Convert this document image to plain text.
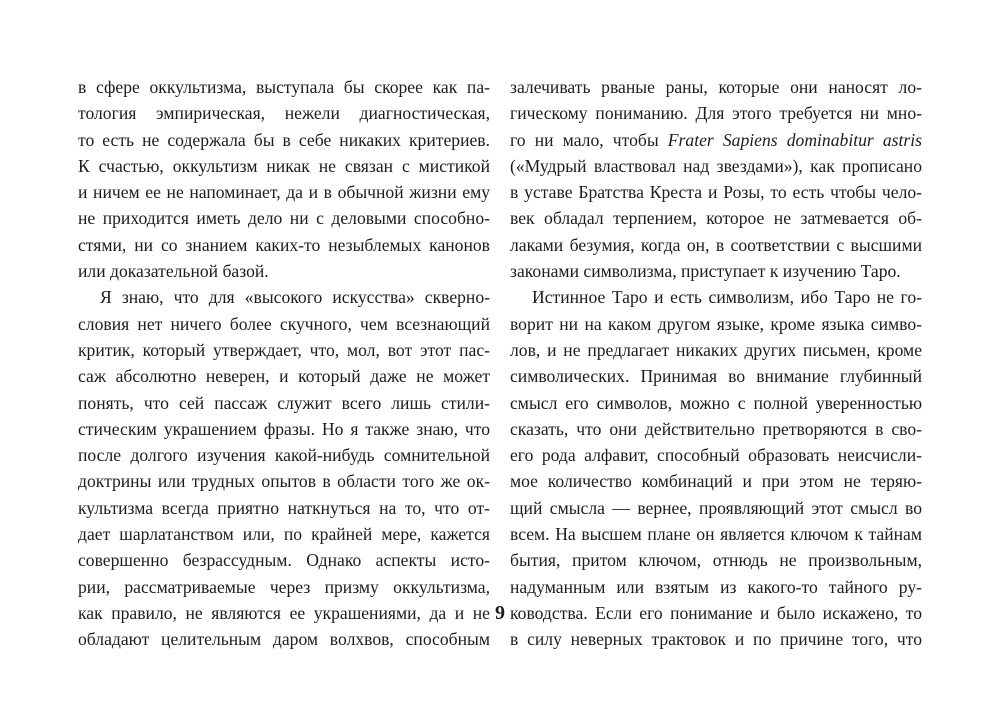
в сфере оккультизма, выступала бы скорее как па-
тология эмпирическая, нежели диагностическая,
то есть не содержала бы в себе никаких критериев.
К счастью, оккультизм никак не связан с мистикой
и ничем ее не напоминает, да и в обычной жизни ему
не приходится иметь дело ни с деловыми способно-
стями, ни со знанием каких-то незыблемых канонов
или доказательной базой.
Я знаю, что для «высокого искусства» скверно-
словия нет ничего более скучного, чем всезнающий
критик, который утверждает, что, мол, вот этот пас-
саж абсолютно неверен, и который даже не может
понять, что сей пассаж служит всего лишь стили-
стическим украшением фразы. Но я также знаю, что
после долгого изучения какой-нибудь сомнительной
доктрины или трудных опытов в области того же ок-
культизма всегда приятно наткнуться на то, что от-
дает шарлатанством или, по крайней мере, кажется
совершенно безрассудным. Однако аспекты исто-
рии, рассматриваемые через призму оккультизма,
как правило, не являются ее украшениями, да и не
обладают целительным даром волхвов, способным
залечивать рваные раны, которые они наносят ло-
гическому пониманию. Для этого требуется ни мно-
го ни мало, чтобы Frater Sapiens dominabitur astris
(«Мудрый властвовал над звездами»), как прописано
в уставе Братства Креста и Розы, то есть чтобы чело-
век обладал терпением, которое не затмевается об-
лаками безумия, когда он, в соответствии с высшими
законами символизма, приступает к изучению Таро.
Истинное Таро и есть символизм, ибо Таро не го-
ворит ни на каком другом языке, кроме языка симво-
лов, и не предлагает никаких других письмен, кроме
символических. Принимая во внимание глубинный
смысл его символов, можно с полной уверенностью
сказать, что они действительно претворяются в сво-
его рода алфавит, способный образовать неисчисли-
мое количество комбинаций и при этом не теряю-
щий смысла — вернее, проявляющий этот смысл во
всем. На высшем плане он является ключом к тайнам
бытия, притом ключом, отнюдь не произвольным,
надуманным или взятым из какого-то тайного ру-
ководства. Если его понимание и было искажено, то
в силу неверных трактовок и по причине того, что
9
